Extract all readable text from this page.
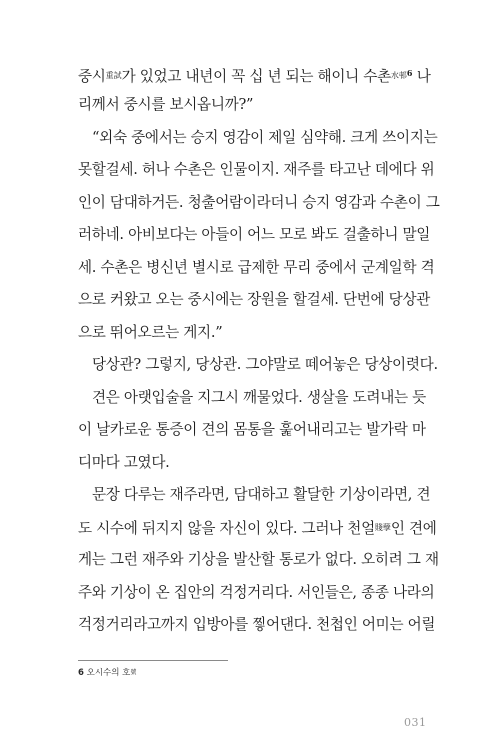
중시$^{重試}$가 있었고 내년이 꼭 십 년 되는 해이니 수촌$^{水邨6}$ 나
리께서 중시를 보시옵니까?”
“외숙 중에서는 승지 영감이 제일 심약해. 크게 쓰이지는
못할걸세. 허나 수촌은 인물이지. 재주를 타고난 데에다 위
인이 담대하거든. 청출어람이라더니 승지 영감과 수촌이 그
러하네. 아비보다는 아들이 어느 모로 봐도 걸출하니 말일
세. 수촌은 병신년 별시로 급제한 무리 중에서 군계일학 격
으로 커왔고 오는 중시에는 장원을 할걸세. 단번에 당상관
으로 뛰어오르는 게지.”
당상관? 그렇지, 당상관. 그야말로 떼어놓은 당상이렷다.
견은 아랫입술을 지그시 깨물었다. 생살을 도려내는 듯
이 날카로운 통증이 견의 몸통을 훑어내리고는 발가락 마
디마다 고였다.
문장 다루는 재주라면, 담대하고 활달한 기상이라면, 견
도 시수에 뒤지지 않을 자신이 있다. 그러나 천얼$^{賤孽}$인 견에
게는 그런 재주와 기상을 발산할 통로가 없다. 오히려 그 재
주와 기상이 온 집안의 걱정거리다. 서인들은, 종종 나라의
걱정거리라고까지 입방아를 찧어댄다. 천첩인 어미는 어릴
6 오시수의 호號
031
